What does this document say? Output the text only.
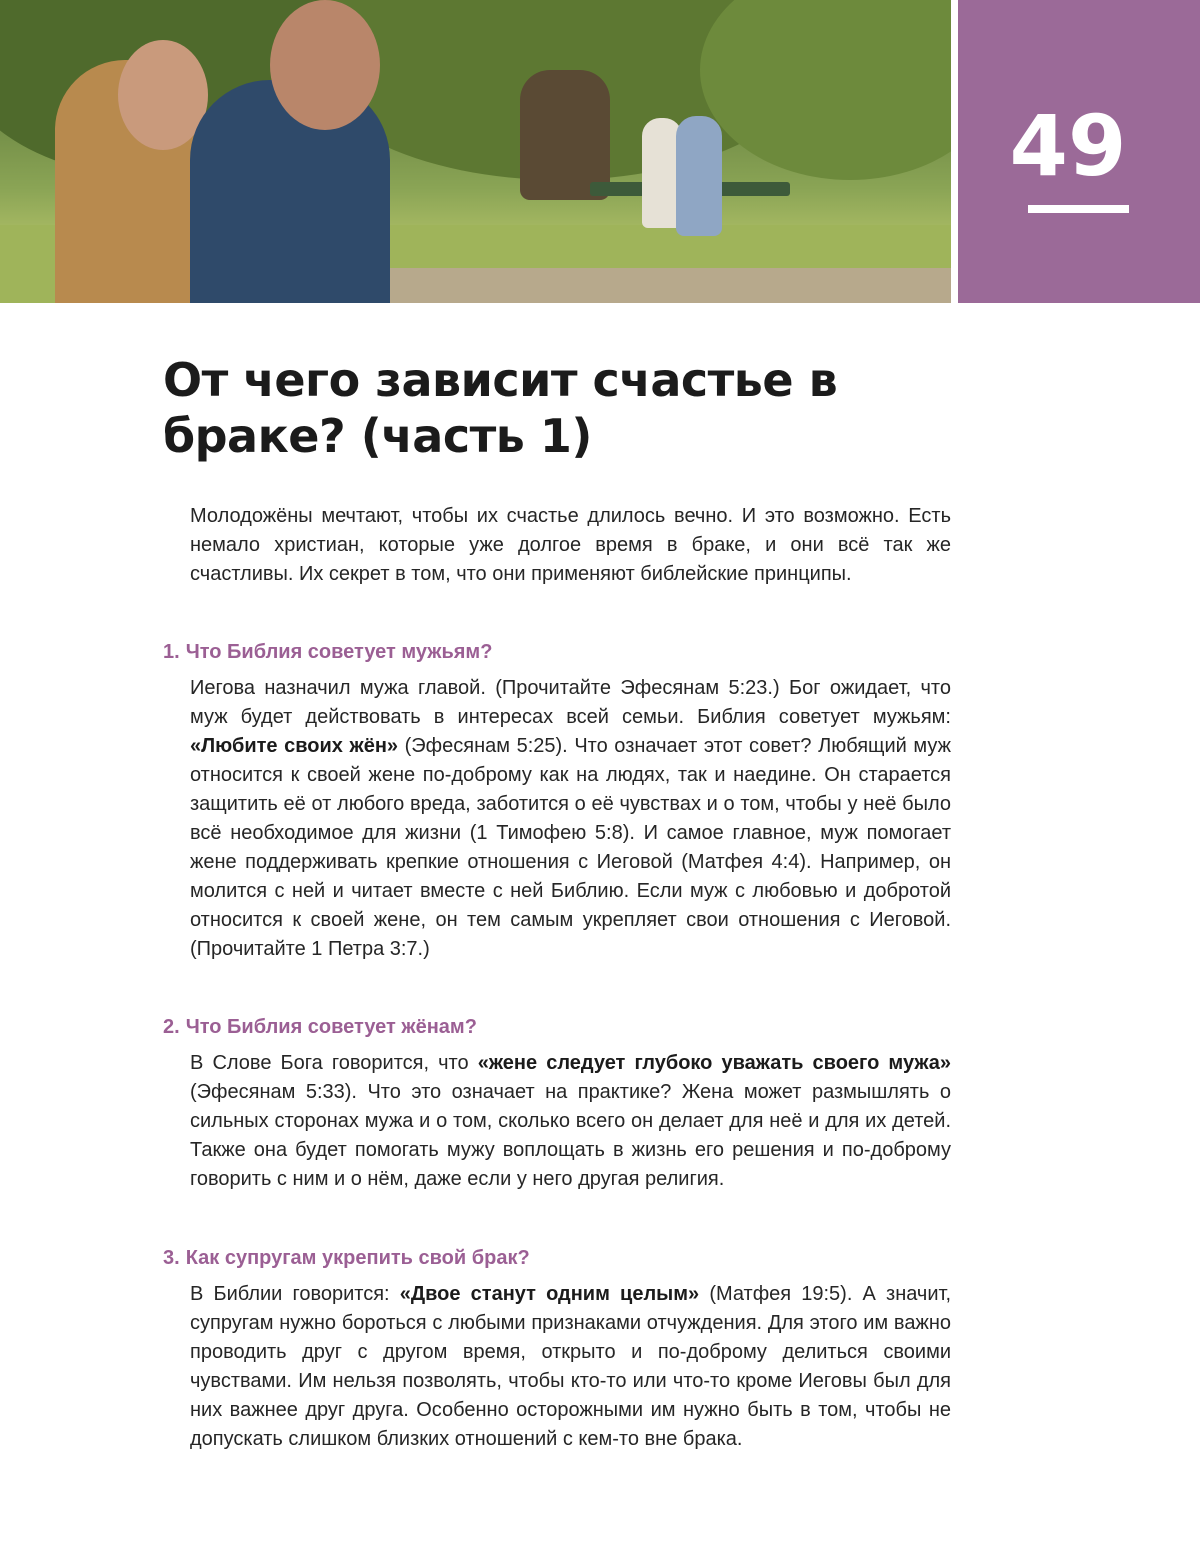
49
От чего зависит счастье в браке? (часть 1)

Молодожёны мечтают, чтобы их счастье длилось вечно. И это возможно. Есть немало христиан, которые уже долгое время в браке, и они всё так же счастливы. Их секрет в том, что они применяют библейские принципы.

1. Что Библия советует мужьям?

Иегова назначил мужа главой. (Прочитайте Эфесянам 5:23.) Бог ожидает, что муж будет действовать в интересах всей семьи. Библия советует мужьям: «Любите своих жён» (Эфесянам 5:25). Что означает этот совет? Любящий муж относится к своей жене по-доброму как на людях, так и наедине. Он старается защитить её от любого вреда, заботится о её чувствах и о том, чтобы у неё было всё необходимое для жизни (1 Тимофею 5:8). И самое главное, муж помогает жене поддерживать крепкие отношения с Иеговой (Матфея 4:4). Например, он молится с ней и читает вместе с ней Библию. Если муж с любовью и добротой относится к своей жене, он тем самым укрепляет свои отношения с Иеговой. (Прочитайте 1 Петра 3:7.)

2. Что Библия советует жёнам?

В Слове Бога говорится, что «жене следует глубоко уважать своего мужа» (Эфесянам 5:33). Что это означает на практике? Жена может размышлять о сильных сторонах мужа и о том, сколько всего он делает для неё и для их детей. Также она будет помогать мужу воплощать в жизнь его решения и по-доброму говорить с ним и о нём, даже если у него другая религия.

3. Как супругам укрепить свой брак?

В Библии говорится: «Двое станут одним целым» (Матфея 19:5). А значит, супругам нужно бороться с любыми признаками отчуждения. Для этого им важно проводить друг с другом время, открыто и по-доброму делиться своими чувствами. Им нельзя позволять, чтобы кто-то или что-то кроме Иеговы был для них важнее друг друга. Особенно осторожными им нужно быть в том, чтобы не допускать слишком близких отношений с кем-то вне брака.
